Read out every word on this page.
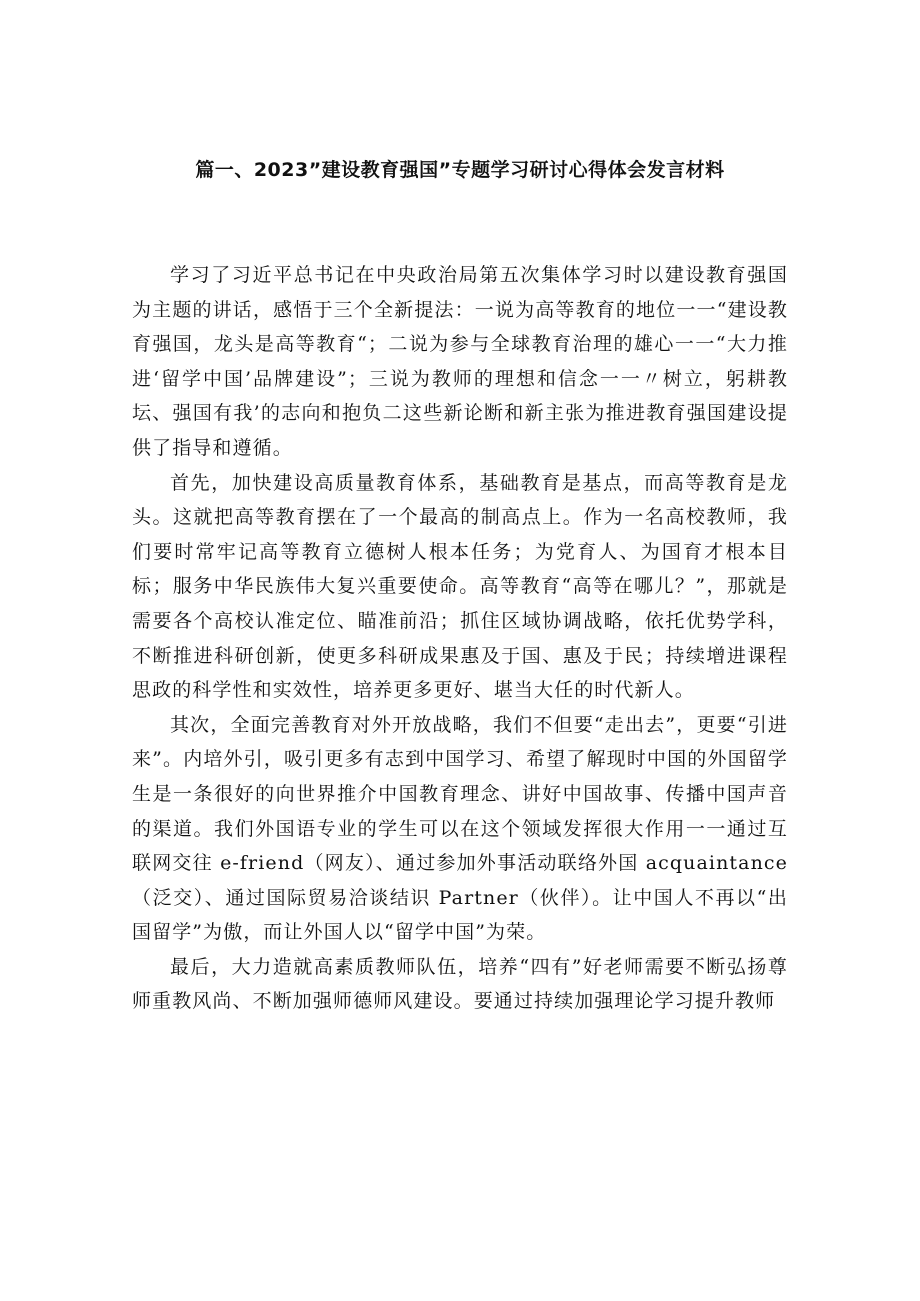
篇一、2023”建设教育强国”专题学习研讨心得体会发言材料

学习了习近平总书记在中央政治局第五次集体学习时以建设教育强国为主题的讲话，感悟于三个全新提法：一说为高等教育的地位一一“建设教育强国，龙头是高等教育“；二说为参与全球教育治理的雄心一一“大力推进‘留学中国’品牌建设”；三说为教师的理想和信念一一〃树立，躬耕教坛、强国有我’的志向和抱负二这些新论断和新主张为推进教育强国建设提供了指导和遵循。

首先，加快建设高质量教育体系，基础教育是基点，而高等教育是龙头。这就把高等教育摆在了一个最高的制高点上。作为一名高校教师，我们要时常牢记高等教育立德树人根本任务；为党育人、为国育才根本目标；服务中华民族伟大复兴重要使命。高等教育“高等在哪儿？”，那就是需要各个高校认准定位、瞄准前沿；抓住区域协调战略，依托优势学科，不断推进科研创新，使更多科研成果惠及于国、惠及于民；持续增进课程思政的科学性和实效性，培养更多更好、堪当大任的时代新人。

其次，全面完善教育对外开放战略，我们不但要“走出去”，更要“引进来”。内培外引，吸引更多有志到中国学习、希望了解现时中国的外国留学生是一条很好的向世界推介中国教育理念、讲好中国故事、传播中国声音的渠道。我们外国语专业的学生可以在这个领域发挥很大作用一一通过互联网交往 e-friend（网友）、通过参加外事活动联络外国 acquaintance（泛交）、通过国际贸易洽谈结识 Partner（伙伴）。让中国人不再以“出国留学”为傲，而让外国人以“留学中国”为荣。

最后，大力造就高素质教师队伍，培养“四有”好老师需要不断弘扬尊师重教风尚、不断加强师德师风建设。要通过持续加强理论学习提升教师
